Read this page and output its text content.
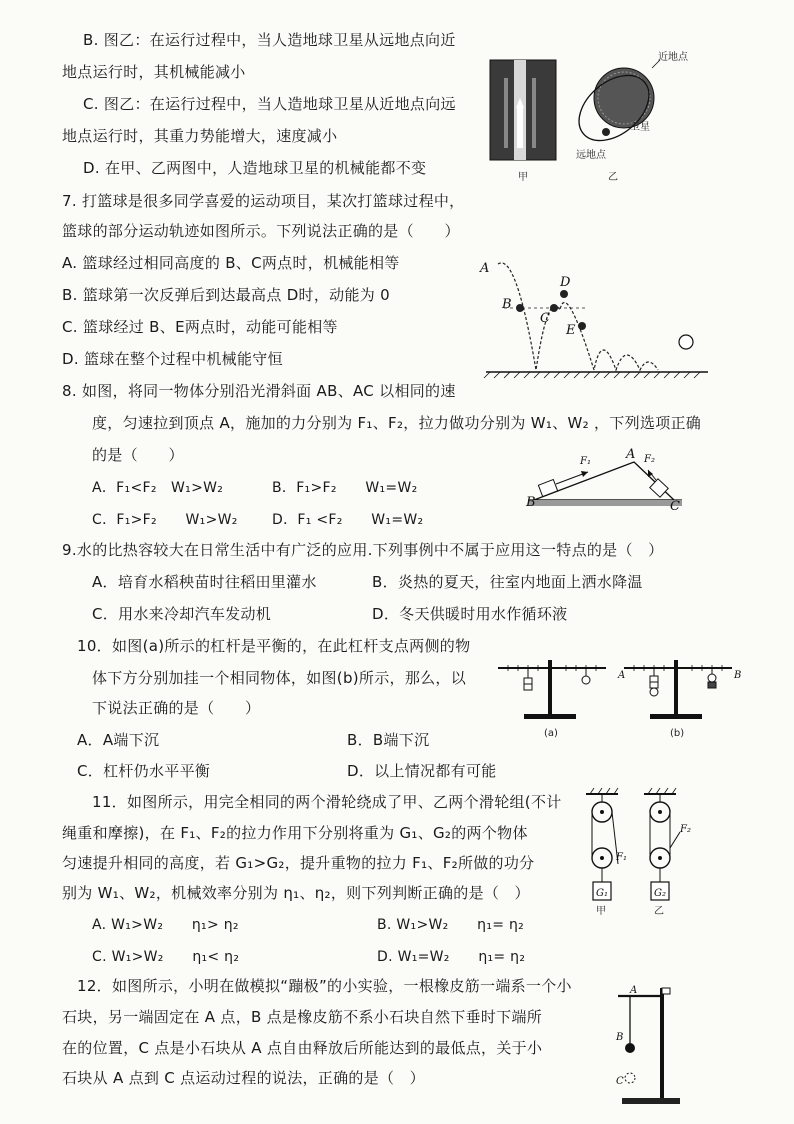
B. 图乙：在运行过程中，当人造地球卫星从远地点向近
地点运行时，其机械能减小
C. 图乙：在运行过程中，当人造地球卫星从近地点向远
地点运行时，其重力势能增大，速度减小
D. 在甲、乙两图中，人造地球卫星的机械能都不变
近地点
卫星
远地点
甲	乙
7. 打篮球是很多同学喜爱的运动项目，某次打篮球过程中，
篮球的部分运动轨迹如图所示。下列说法正确的是（　　）
A. 篮球经过相同高度的 B、C两点时，机械能相等
B. 篮球第一次反弹后到达最高点 D时，动能为 0
C. 篮球经过 B、E两点时，动能可能相等
D. 篮球在整个过程中机械能守恒
A
B
C
D
E
8. 如图，将同一物体分别沿光滑斜面 AB、AC 以相同的速
度，匀速拉到顶点 A，施加的力分别为 F₁、F₂，拉力做功分别为 W₁、W₂ ，下列选项正确
的是（　　）
A．F₁<F₂　W₁>W₂	B．F₁>F₂　　W₁=W₂
C．F₁>F₂　　W₁>W₂ D．F₁ <F₂　　W₁=W₂
F₁	A F₂
B	C
9.水的比热容较大在日常生活中有广泛的应用.下列事例中不属于应用这一特点的是（　）
A．培育水稻秧苗时往稻田里灌水	B．炎热的夏天，往室内地面上洒水降温
C．用水来冷却汽车发动机	D．冬天供暖时用水作循环液
10．如图(a)所示的杠杆是平衡的，在此杠杆支点两侧的物
体下方分别加挂一个相同物体，如图(b)所示，那么，以
下说法正确的是（　　）
A．A端下沉	B．B端下沉
C．杠杆仍水平平衡	D．以上情况都有可能
A	B
(a)	(b)
11．如图所示，用完全相同的两个滑轮绕成了甲、乙两个滑轮组(不计
绳重和摩擦)，在 F₁、F₂的拉力作用下分别将重为 G₁、G₂的两个物体
匀速提升相同的高度，若 G₁>G₂，提升重物的拉力 F₁、F₂所做的功分
别为 W₁、W₂，机械效率分别为 η₁、η₂，则下列判断正确的是（　）
A. W₁>W₂　　η₁> η₂	B. W₁>W₂　　η₁= η₂
C. W₁>W₂　　η₁< η₂	D. W₁=W₂　　η₁= η₂
G₁	G₂
F₁
F₂
甲	乙
12．如图所示，小明在做模拟“蹦极”的小实验，一根橡皮筋一端系一个小
石块，另一端固定在 A 点，B 点是橡皮筋不系小石块自然下垂时下端所
在的位置，C 点是小石块从 A 点自由释放后所能达到的最低点，关于小
石块从 A 点到 C 点运动过程的说法，正确的是（　）
A
B
C
